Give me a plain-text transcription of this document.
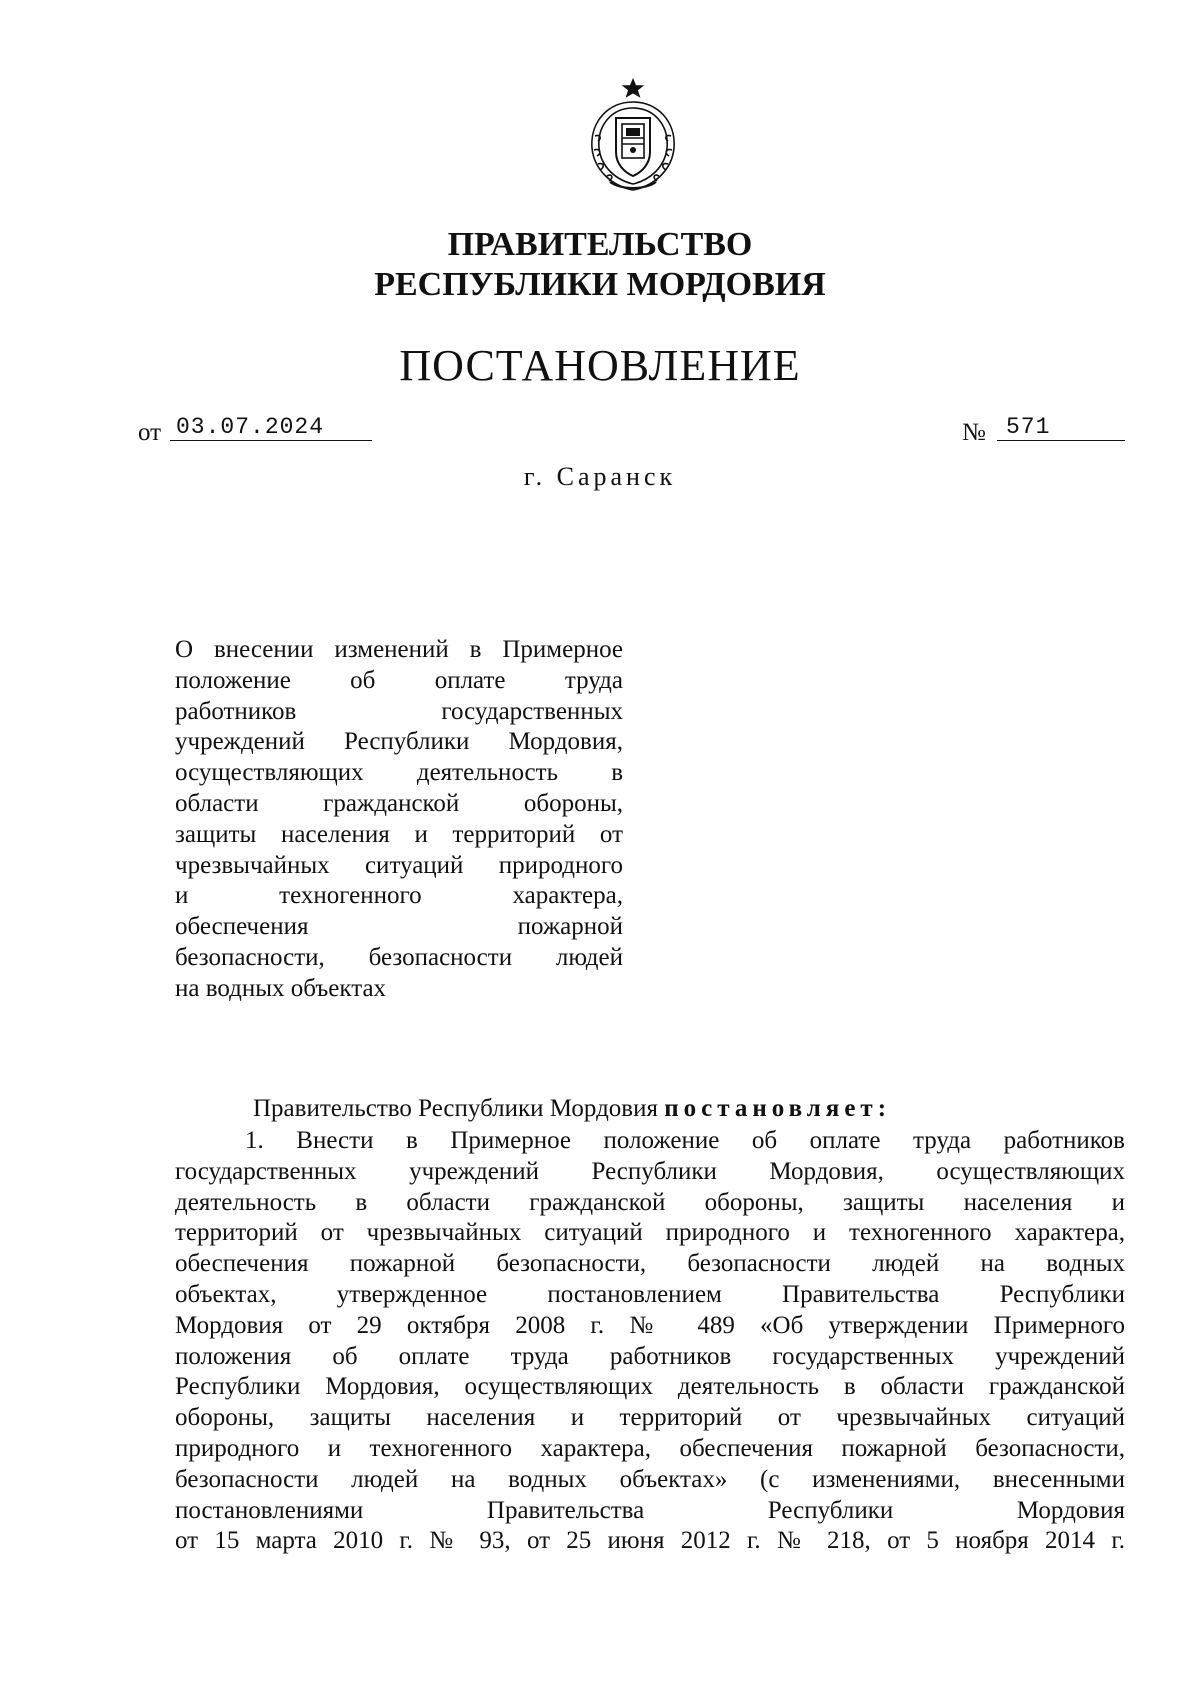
ПРАВИТЕЛЬСТВО
РЕСПУБЛИКИ МОРДОВИЯ
ПОСТАНОВЛЕНИЕ
от 03.07.2024	№ 571
г. Саранск
О внесении изменений в Примерное
положение об оплате труда
работников государственных
учреждений Республики Мордовия,
осуществляющих деятельность в
области гражданской обороны,
защиты населения и территорий от
чрезвычайных ситуаций природного
и техногенного характера,
обеспечения пожарной
безопасности, безопасности людей
на водных объектах
Правительство Республики Мордовия постановляет:
1. Внести в Примерное положение об оплате труда работников
государственных учреждений Республики Мордовия, осуществляющих
деятельность в области гражданской обороны, защиты населения и
территорий от чрезвычайных ситуаций природного и техногенного характера,
обеспечения пожарной безопасности, безопасности людей на водных
объектах, утвержденное постановлением Правительства Республики
Мордовия от 29 октября 2008 г. № 489 «Об утверждении Примерного
положения об оплате труда работников государственных учреждений
Республики Мордовия, осуществляющих деятельность в области гражданской
обороны, защиты населения и территорий от чрезвычайных ситуаций
природного и техногенного характера, обеспечения пожарной безопасности,
безопасности людей на водных объектах» (с изменениями, внесенными
постановлениями Правительства Республики Мордовия
от 15 марта 2010 г. № 93, от 25 июня 2012 г. № 218, от 5 ноября 2014 г.
